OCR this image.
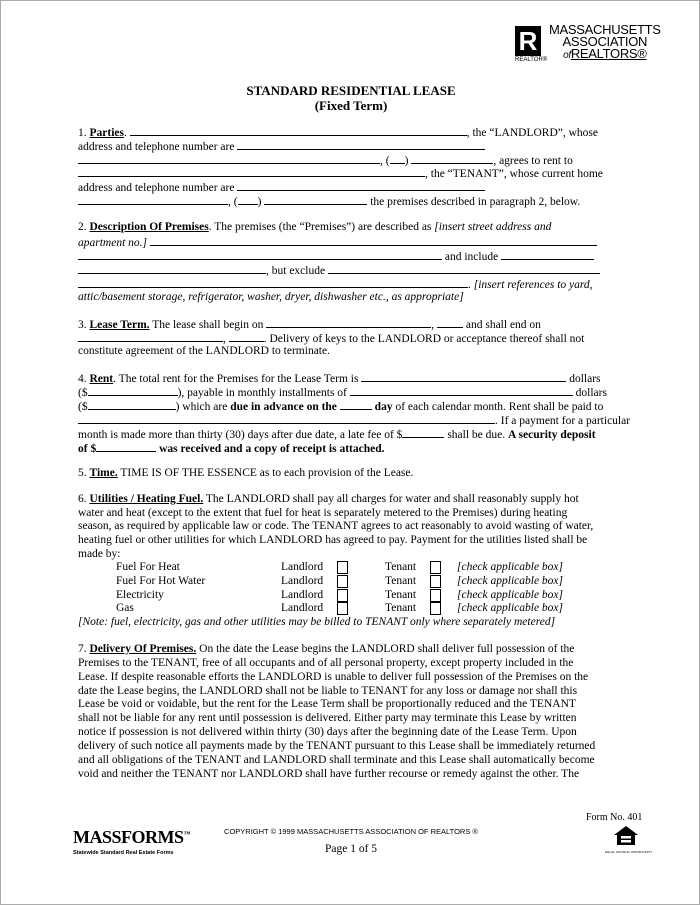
R
REALTOR®
MASSACHUSETTS
ASSOCIATION
ofREALTORS®
STANDARD RESIDENTIAL LEASE
(Fixed Term)
1. Parties.	, the “LANDLORD”, whose
address and telephone number are
, ( )	, agrees to rent to
, the “TENANT”, whose current home
address and telephone number are
, ( )	the premises described in paragraph 2, below.
2. Description Of Premises. The premises (the “Premises”) are described as [insert street address and
apartment no.]
and include
, but exclude
. [insert references to yard,
attic/basement storage, refrigerator, washer, dryer, dishwasher etc., as appropriate]
3. Lease Term. The lease shall begin on	,	and shall end on
,	. Delivery of keys to the LANDLORD or acceptance thereof shall not
constitute agreement of the LANDLORD to terminate.
4. Rent. The total rent for the Premises for the Lease Term is	dollars
($	), payable in monthly installments of	dollars
($	) which are due in advance on the	day of each calendar month. Rent shall be paid to
. If a payment for a particular
month is made more than thirty (30) days after due date, a late fee of $	shall be due. A security deposit
of $	was received and a copy of receipt is attached.
5. Time. TIME IS OF THE ESSENCE as to each provision of the Lease.
6. Utilities / Heating Fuel. The LANDLORD shall pay all charges for water and shall reasonably supply hot
water and heat (except to the extent that fuel for heat is separately metered to the Premises) during heating
season, as required by applicable law or code. The TENANT agrees to act reasonably to avoid wasting of water,
heating fuel or other utilities for which LANDLORD has agreed to pay. Payment for the utilities listed shall be
made by:
Fuel For Heat	Landlord	Tenant	[check applicable box]
Fuel For Hot Water	Landlord	Tenant	[check applicable box]
Electricity	Landlord	Tenant	[check applicable box]
Gas	Landlord	Tenant	[check applicable box]
[Note: fuel, electricity, gas and other utilities may be billed to TENANT only where separately metered]
7. Delivery Of Premises. On the date the Lease begins the LANDLORD shall deliver full possession of the
Premises to the TENANT, free of all occupants and of all personal property, except property included in the
Lease. If despite reasonable efforts the LANDLORD is unable to deliver full possession of the Premises on the
date the Lease begins, the LANDLORD shall not be liable to TENANT for any loss or damage nor shall this
Lease be void or voidable, but the rent for the Lease Term shall be proportionally reduced and the TENANT
shall not be liable for any rent until possession is delivered. Either party may terminate this Lease by written
notice if possession is not delivered within thirty (30) days after the beginning date of the Lease Term. Upon
delivery of such notice all payments made by the TENANT pursuant to this Lease shall be immediately returned
and all obligations of the TENANT and LANDLORD shall terminate and this Lease shall automatically become
void and neither the TENANT nor LANDLORD shall have further recourse or remedy against the other. The
Form No. 401
MASSFORMS™
Statewide Standard Real Estate Forms
COPYRIGHT © 1999 MASSACHUSETTS ASSOCIATION OF REALTORS ®
Page 1 of 5	EQUAL HOUSING OPPORTUNITY
